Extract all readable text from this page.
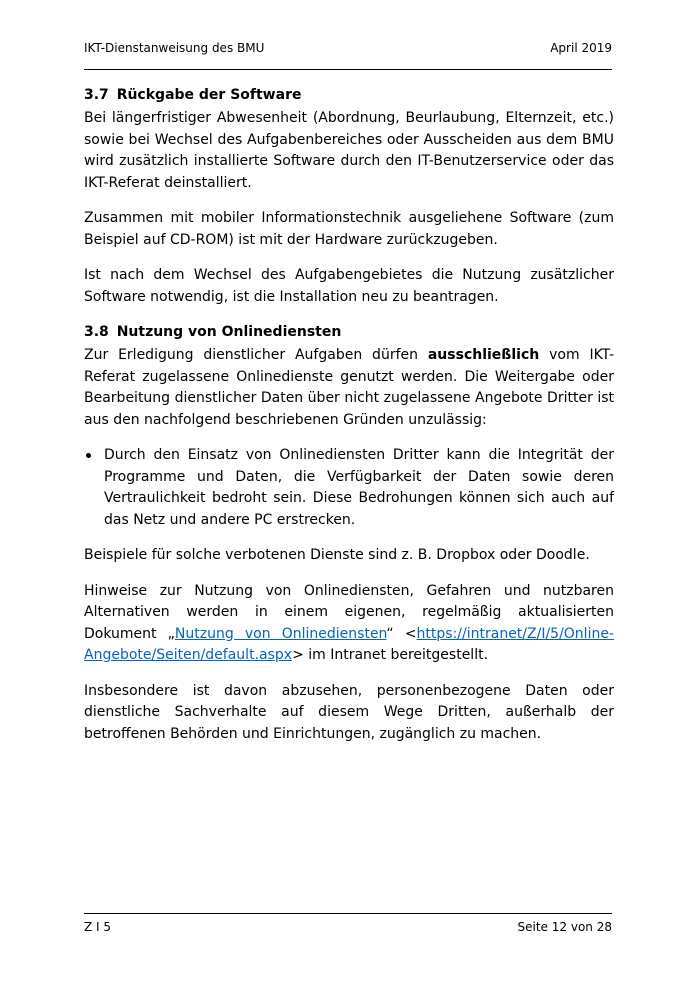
IKT-Dienstanweisung des BMU	April 2019
3.7 Rückgabe der Software

Bei längerfristiger Abwesenheit (Abordnung, Beurlaubung, Elternzeit, etc.) sowie bei Wechsel des Aufgabenbereiches oder Ausscheiden aus dem BMU wird zusätzlich installierte Software durch den IT-Benutzerservice oder das IKT-Referat deinstalliert.

Zusammen mit mobiler Informationstechnik ausgeliehene Software (zum Beispiel auf CD-ROM) ist mit der Hardware zurückzugeben.

Ist nach dem Wechsel des Aufgabengebietes die Nutzung zusätzlicher Software notwendig, ist die Installation neu zu beantragen.

3.8 Nutzung von Onlinediensten

Zur Erledigung dienstlicher Aufgaben dürfen ausschließlich vom IKT-Referat zugelassene Onlinedienste genutzt werden. Die Weitergabe oder Bearbeitung dienstlicher Daten über nicht zugelassene Angebote Dritter ist aus den nachfolgend beschriebenen Gründen unzulässig:

Durch den Einsatz von Onlinediensten Dritter kann die Integrität der Programme und Daten, die Verfügbarkeit der Daten sowie deren Vertraulichkeit bedroht sein. Diese Bedrohungen können sich auch auf das Netz und andere PC erstrecken.

Beispiele für solche verbotenen Dienste sind z. B. Dropbox oder Doodle.

Hinweise zur Nutzung von Onlinediensten, Gefahren und nutzbaren Alternativen werden in einem eigenen, regelmäßig aktualisierten Dokument „Nutzung von Onlinediensten“ <https://intranet/Z/I/5/Online-Angebote/Seiten/default.aspx> im Intranet bereitgestellt.

Insbesondere ist davon abzusehen, personenbezogene Daten oder dienstliche Sachverhalte auf diesem Wege Dritten, außerhalb der betroffenen Behörden und Einrichtungen, zugänglich zu machen.

Z I 5	Seite 12 von 28
